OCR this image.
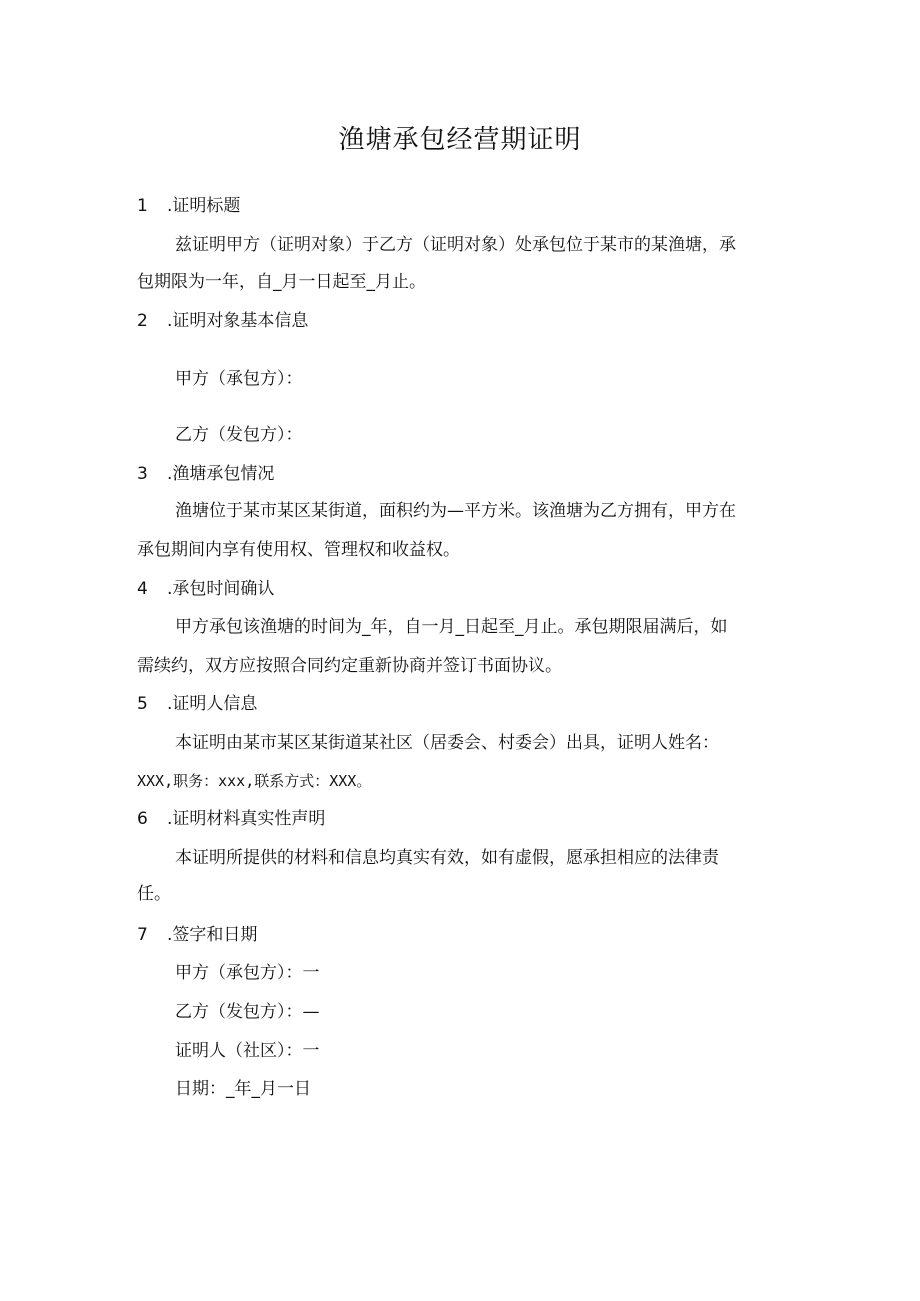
渔塘承包经营期证明
1 .证明标题
兹证明甲方（证明对象）于乙方（证明对象）处承包位于某市的某渔塘，承
包期限为一年，自_月一日起至_月止。
2 .证明对象基本信息
甲方（承包方）：
乙方（发包方）：
3 .渔塘承包情况
渔塘位于某市某区某街道，面积约为—平方米。该渔塘为乙方拥有，甲方在
承包期间内享有使用权、管理权和收益权。
4 .承包时间确认
甲方承包该渔塘的时间为_年，自一月_日起至_月止。承包期限届满后，如
需续约，双方应按照合同约定重新协商并签订书面协议。
5 .证明人信息
本证明由某市某区某街道某社区（居委会、村委会）出具，证明人姓名：
XXX,职务：xxx,联系方式：XXX。
6 .证明材料真实性声明
本证明所提供的材料和信息均真实有效，如有虚假，愿承担相应的法律责
任。
7 .签字和日期
甲方（承包方）：一
乙方（发包方）：—
证明人（社区）：一
日期：_年_月一日
